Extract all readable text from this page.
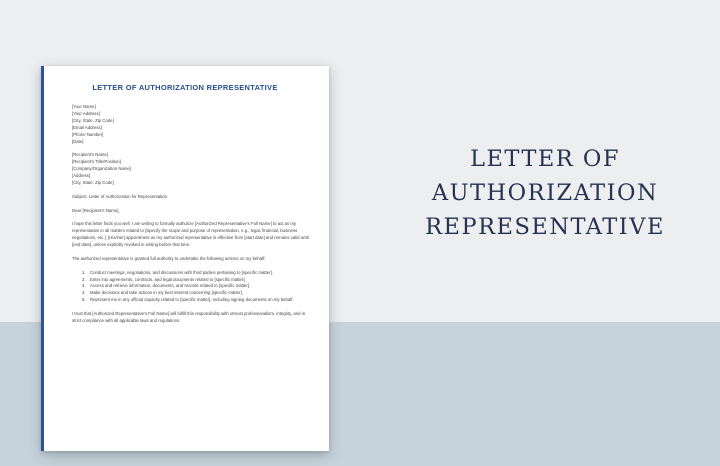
LETTER OF AUTHORIZATION REPRESENTATIVE
[Your Name]
[Your Address]
[City, State, Zip Code]
[Email Address]
[Phone Number]
[Date]
[Recipient's Name]
[Recipient's Title/Position]
[Company/Organization Name]
[Address]
[City, State, Zip Code]
Subject: Letter of Authorization for Representation
Dear [Recipient's Name],
I hope this letter finds you well. I am writing to formally authorize [Authorized Representative's Full Name] to act as my representative in all matters related to [Specify the scope and purpose of representation, e.g., legal, financial, business negotiations, etc.]. [His/Her] appointment as my authorized representative is effective from [start date] and remains valid until [end date], unless explicitly revoked in writing before that time.
The authorized representative is granted full authority to undertake the following actions on my behalf:
1.	Conduct meetings, negotiations, and discussions with third parties pertaining to [specific matter].
2.	Enter into agreements, contracts, and legal documents related to [specific matter].
3.	Access and retrieve information, documents, and records related to [specific matter].
4.	Make decisions and take actions in my best interest concerning [specific matter].
5.	Represent me in any official capacity related to [specific matter], including signing documents on my behalf.
I trust that [Authorized Representative's Full Name] will fulfill this responsibility with utmost professionalism, integrity, and in strict compliance with all applicable laws and regulations.
LETTER OF
AUTHORIZATION
REPRESENTATIVE
